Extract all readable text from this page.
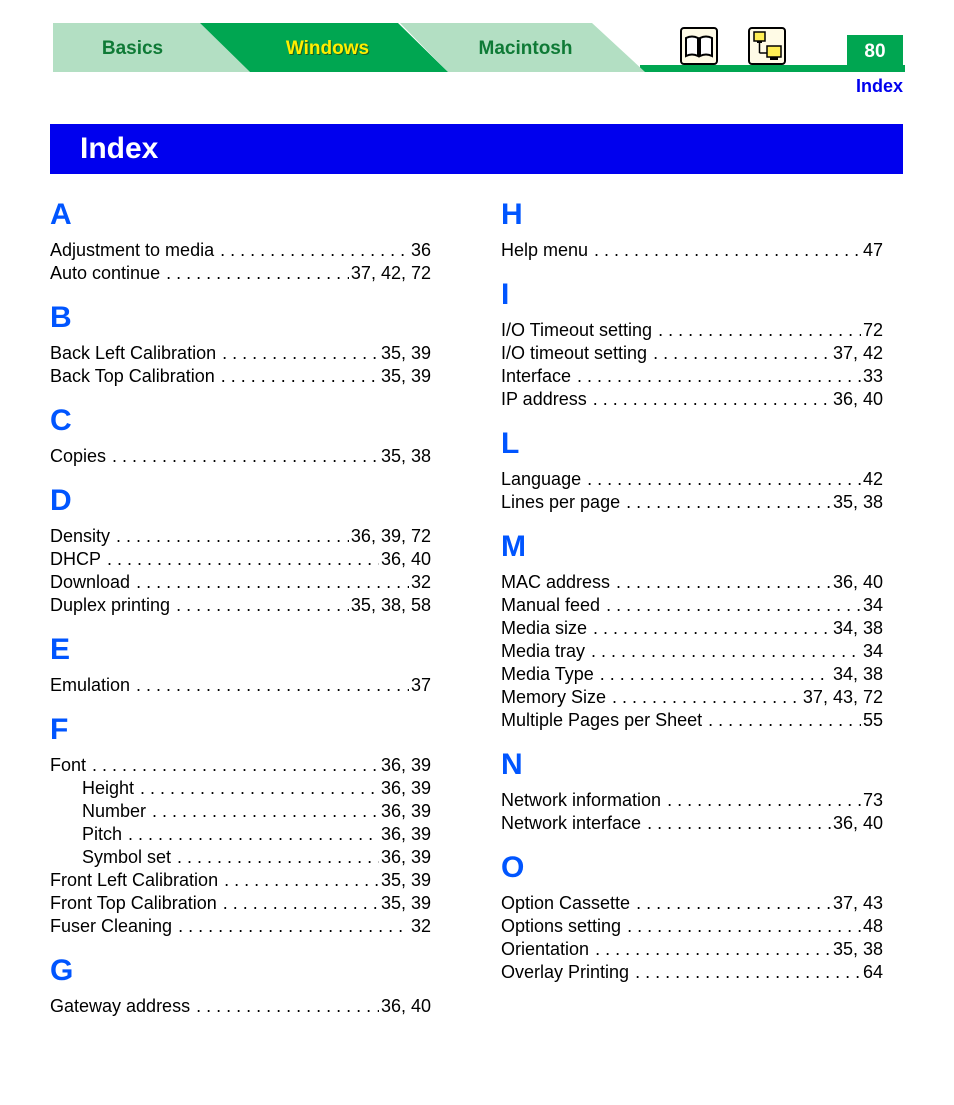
Basics	Windows	Macintosh	80
Index
Index
A
Adjustment to media . . .	36
Auto continue . . .	37, 42, 72
B
Back Left Calibration . . .	35, 39
Back Top Calibration . . .	35, 39
C
Copies . . .	35, 38
D
Density . . .	36, 39, 72
DHCP . . .	36, 40
Download . . .	32
Duplex printing . . .	35, 38, 58
E
Emulation . . .	37
F
Font . . .	36, 39
Height . . .	36, 39
Number . . .	36, 39
Pitch . . .	36, 39
Symbol set . . .	36, 39
Front Left Calibration . . .	35, 39
Front Top Calibration . . .	35, 39
Fuser Cleaning . . .	32
G
Gateway address . . .	36, 40
H
Help menu . . .	47
I
I/O Timeout setting . . .	72
I/O timeout setting . . .	37, 42
Interface . . .	33
IP address . . .	36, 40
L
Language . . .	42
Lines per page . . .	35, 38
M
MAC address . . .	36, 40
Manual feed . . .	34
Media size . . .	34, 38
Media tray . . .	34
Media Type . . .	34, 38
Memory Size . . .	37, 43, 72
Multiple Pages per Sheet . . .	55
N
Network information . . .	73
Network interface . . .	36, 40
O
Option Cassette . . .	37, 43
Options setting . . .	48
Orientation . . .	35, 38
Overlay Printing . . .	64
